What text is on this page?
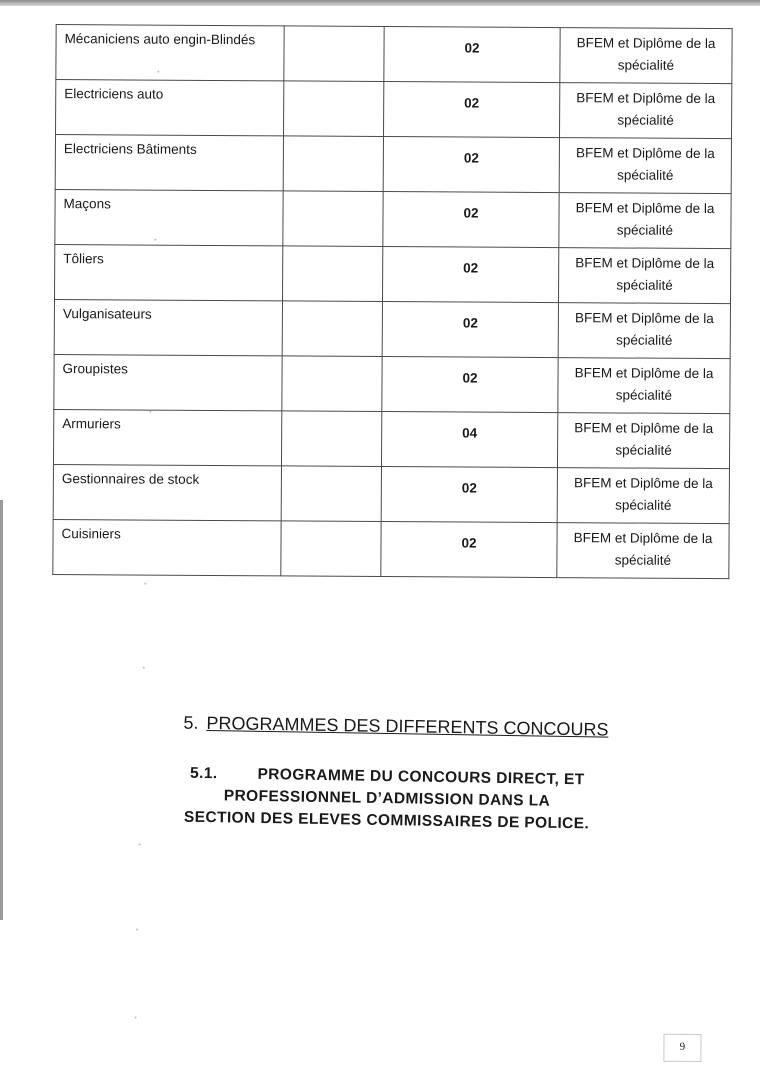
Mécaniciens auto engin-Blindés		02	BFEM et Diplôme de la
spécialité

Electriciens auto		02	BFEM et Diplôme de la
spécialité

Electriciens Bâtiments		02	BFEM et Diplôme de la
spécialité

Maçons		02	BFEM et Diplôme de la
spécialité

Tôliers		02	BFEM et Diplôme de la
spécialité

Vulganisateurs		02	BFEM et Diplôme de la
spécialité

Groupistes		02	BFEM et Diplôme de la
spécialité

Armuriers		04	BFEM et Diplôme de la
spécialité

Gestionnaires de stock		02	BFEM et Diplôme de la
spécialité

Cuisiniers		02	BFEM et Diplôme de la
spécialité
5. PROGRAMMES DES DIFFERENTS CONCOURS
5.1.	PROGRAMME DU CONCOURS DIRECT, ET
PROFESSIONNEL D’ADMISSION DANS LA
SECTION DES ELEVES COMMISSAIRES DE POLICE.
9
